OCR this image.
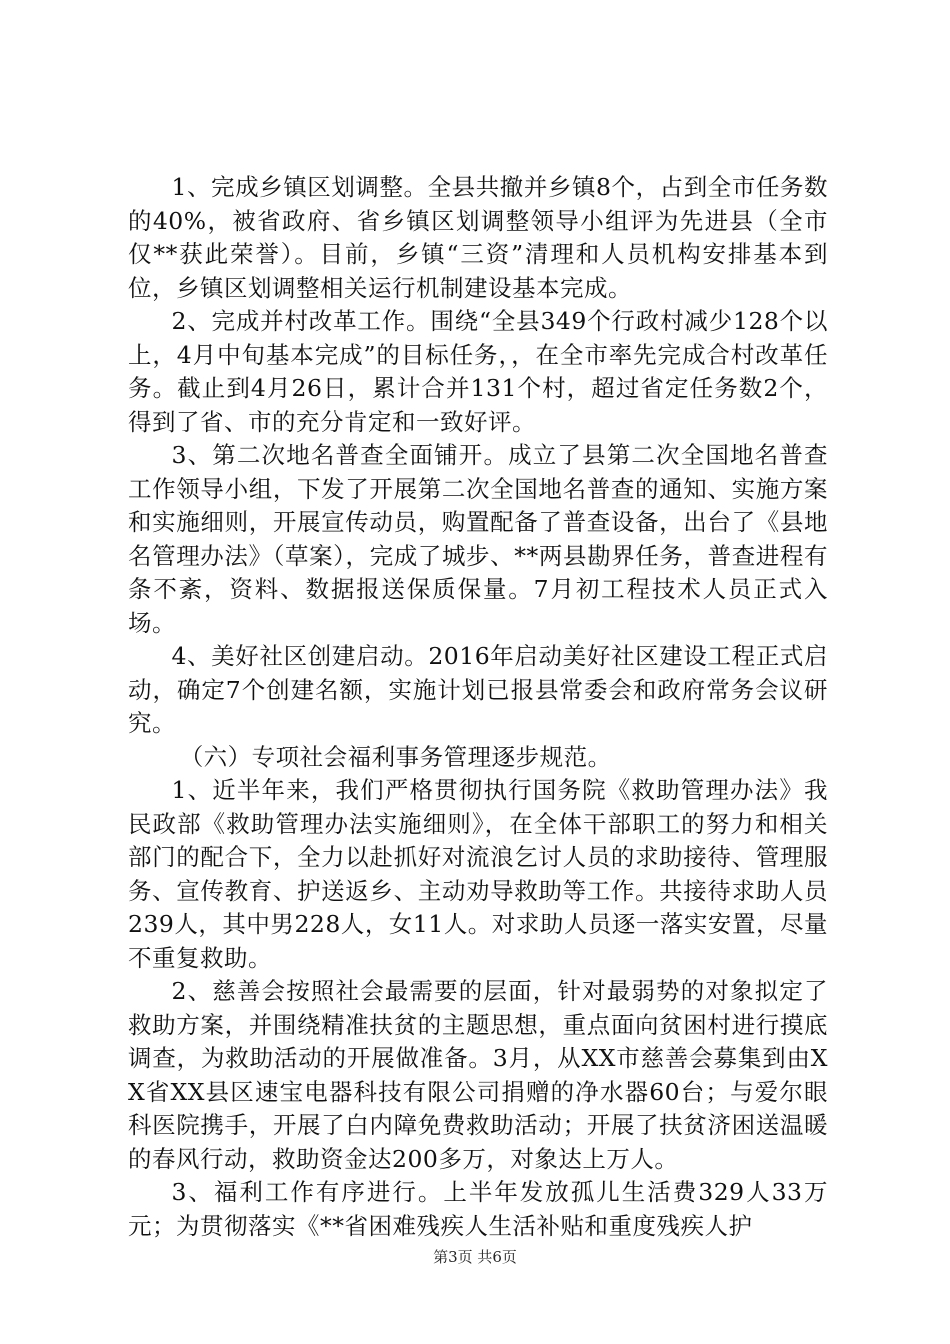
1、完成乡镇区划调整。全县共撤并乡镇8个，占到全市任务数的40%，被省政府、省乡镇区划调整领导小组评为先进县（全市仅**获此荣誉）。目前，乡镇“三资”清理和人员机构安排基本到位，乡镇区划调整相关运行机制建设基本完成。

2、完成并村改革工作。围绕“全县349个行政村减少128个以上，4月中旬基本完成”的目标任务，，在全市率先完成合村改革任务。截止到4月26日，累计合并131个村，超过省定任务数2个，得到了省、市的充分肯定和一致好评。

3、第二次地名普查全面铺开。成立了县第二次全国地名普查工作领导小组，下发了开展第二次全国地名普查的通知、实施方案和实施细则，开展宣传动员，购置配备了普查设备，出台了《县地名管理办法》（草案），完成了城步、**两县勘界任务，普查进程有条不紊，资料、数据报送保质保量。7月初工程技术人员正式入场。

4、美好社区创建启动。2016年启动美好社区建设工程正式启动，确定7个创建名额，实施计划已报县常委会和政府常务会议研究。

（六）专项社会福利事务管理逐步规范。

1、近半年来，我们严格贯彻执行国务院《救助管理办法》我民政部《救助管理办法实施细则》，在全体干部职工的努力和相关部门的配合下，全力以赴抓好对流浪乞讨人员的求助接待、管理服务、宣传教育、护送返乡、主动劝导救助等工作。共接待求助人员239人，其中男228人，女11人。对求助人员逐一落实安置，尽量不重复救助。

2、慈善会按照社会最需要的层面，针对最弱势的对象拟定了救助方案，并围绕精准扶贫的主题思想，重点面向贫困村进行摸底调查，为救助活动的开展做准备。3月，从XX市慈善会募集到由XX省XX县区速宝电器科技有限公司捐赠的净水器60台；与爱尔眼科医院携手，开展了白内障免费救助活动；开展了扶贫济困送温暖的春风行动，救助资金达200多万，对象达上万人。

3、福利工作有序进行。上半年发放孤儿生活费329人33万元；为贯彻落实《**省困难残疾人生活补贴和重度残疾人护

第3页 共6页
